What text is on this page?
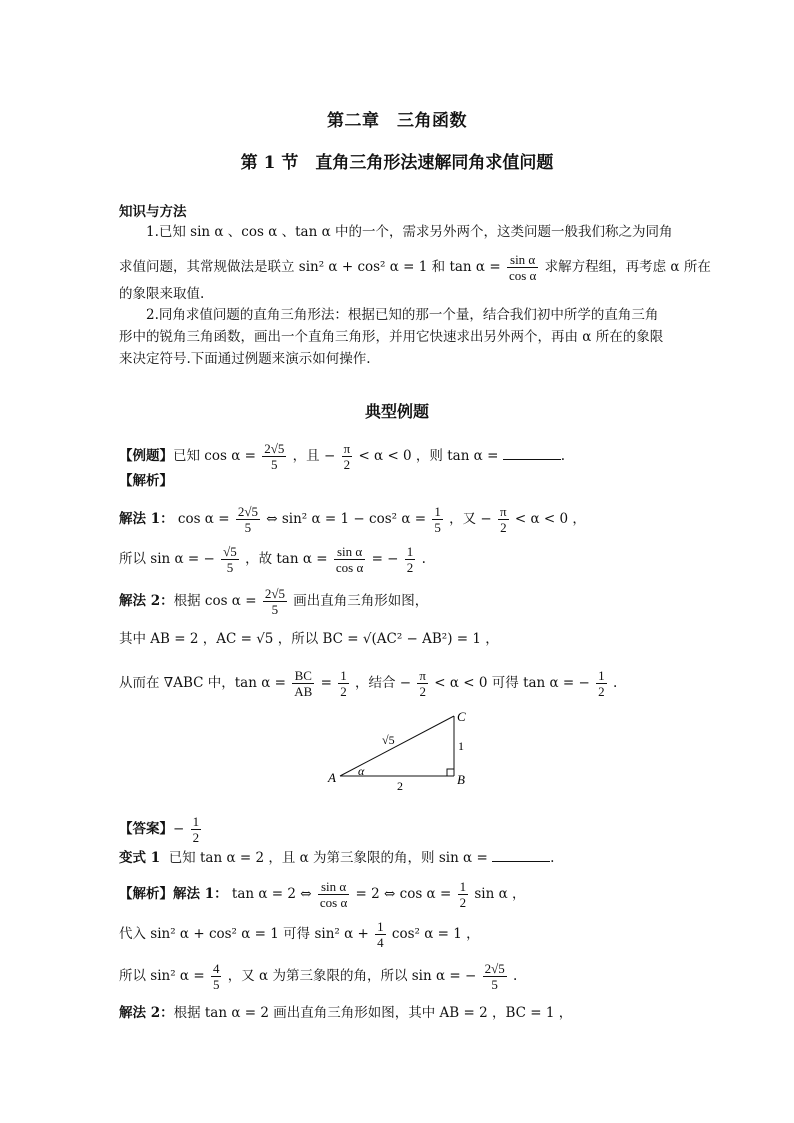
第二章　三角函数
第 1 节　直角三角形法速解同角求值问题
知识与方法
1.已知 sin α 、cos α 、tan α 中的一个，需求另外两个，这类问题一般我们称之为同角
求值问题，其常规做法是联立 sin² α + cos² α = 1 和 $\tan \alpha = \frac{\text{sin α}}{\text{cos α}}$ 求解方程组，再考虑 α 所在
的象限来取值.
2.同角求值问题的直角三角形法：根据已知的那一个量，结合我们初中所学的直角三角
形中的锐角三角函数，画出一个直角三角形，并用它快速求出另外两个，再由 α 所在的象限
来决定符号.下面通过例题来演示如何操作.
典型例题
【例题】已知 $\cos \alpha = \frac{2√5}{5}$ ，且 − $\frac{\pi}{2} < \alpha < 0$ ，则 tan α =	.
【解析】
解法 1： $\cos \alpha = \frac{2√5}{5}$ ⇔ sin² α = 1 − cos² $\alpha = \frac{1}{5}$ ，又 − $\frac{\pi}{2} < \alpha < 0$ ，
所以 sin α = − $\frac{√5}{5}$ ，故 $\tan \alpha = \frac{\text{sin α}}{\text{cos α}}$ = − $\frac{1}{2}$ .
解法 2：根据 $\cos \alpha = \frac{2√5}{5}$ 画出直角三角形如图，
其中 AB = 2 ，AC = √5 ，所以 BC = √(AC² − AB²) = 1 ，
从而在 ∇ABC 中，$\tan \alpha = \frac{BC}{AB} = \frac{1}{2}$ ，结合 − $\frac{\pi}{2} < \alpha < 0$ 可得 tan α = − $\frac{1}{2}$ .
A	B
C
α
√5	1
2
【答案】− $\frac{1}{2}$
变式 1 已知 tan α = 2 ，且 α 为第三象限的角，则 sin α =	.
【解析】解法 1： tan α = 2 ⇔ $\frac{\text{sin α}}{\text{cos α}} = 2$ ⇔ $\cos \alpha = \frac{1}{2}$ sin α ，
代入 sin² α + cos² α = 1 可得 sin² $\alpha + \frac{1}{4} \cos^2$ α = 1 ，
所以 sin² $\alpha = \frac{4}{5}$ ，又 α 为第三象限的角，所以 sin α = − $\frac{2√5}{5}$ .
解法 2：根据 tan α = 2 画出直角三角形如图，其中 AB = 2 ，BC = 1 ，
